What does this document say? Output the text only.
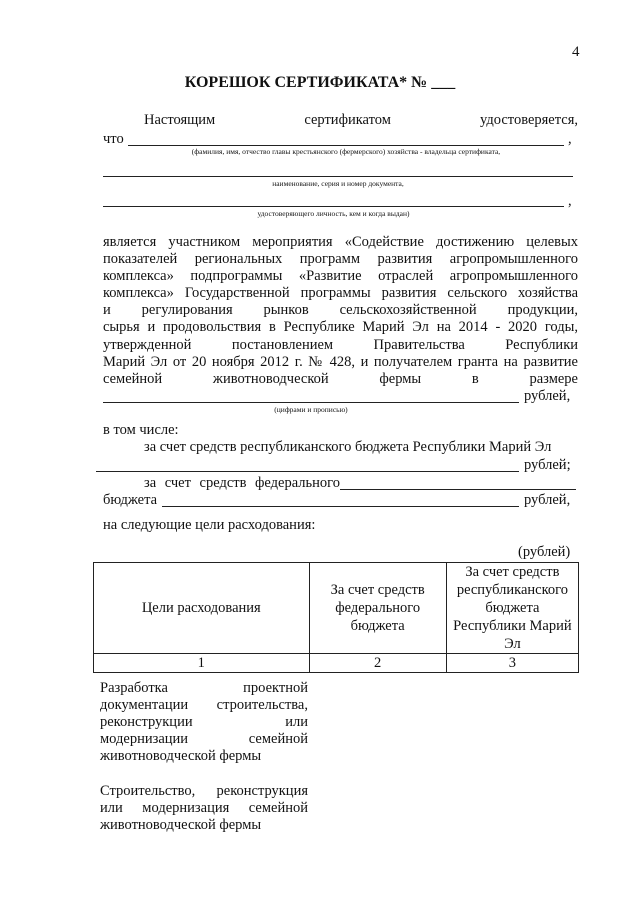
4
КОРЕШОК СЕРТИФИКАТА* № ___
Настоящим	сертификатом	удостоверяется,
что	,
(фамилия, имя, отчество главы крестьянского (фермерского) хозяйства - владельца сертификата,
наименование, серия и номер документа,
,
удостоверяющего личность, кем и когда выдан)
является участником мероприятия «Содействие достижению целевых
показателей региональных программ развития агропромышленного
комплекса» подпрограммы «Развитие отраслей агропромышленного
комплекса» Государственной программы развития сельского хозяйства
и регулирования рынков сельскохозяйственной продукции,
сырья и продовольствия в Республике Марий Эл на 2014 - 2020 годы,
утвержденной постановлением Правительства Республики
Марий Эл от 20 ноября 2012 г. № 428, и получателем гранта на развитие
семейной животноводческой фермы в размере
рублей,
(цифрами и прописью)
в том числе:
за счет средств республиканского бюджета Республики Марий Эл
рублей;
за счет средств федерального
бюджета	рублей,
на следующие цели расходования:
(рублей)
Цели расходования	За счет средств федерального бюджета	За счет средств республиканского бюджета Республики Марий Эл
1	2	3
Разработка проектной
документации строительства,
реконструкции или
модернизации семейной
животноводческой фермы
Строительство, реконструкция
или модернизация семейной
животноводческой фермы
